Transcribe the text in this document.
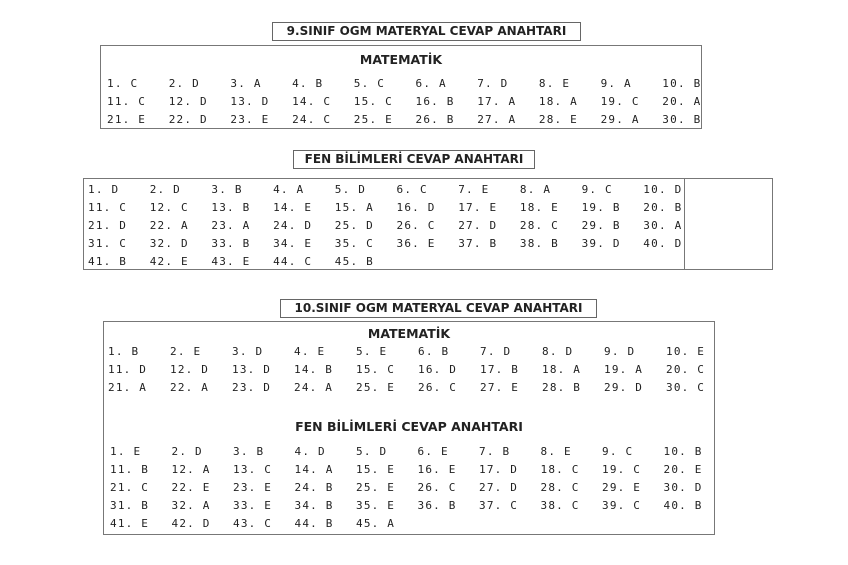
9.SINIF OGM MATERYAL CEVAP ANAHTARI
MATEMATİK
1. C	2. D	3. A	4. B	5. C	6. A	7. D	8. E	9. A	10. B
11. C 12. D 13. D 14. C 15. C 16. B 17. A 18. A 19. C 20. A
21. E 22. D 23. E 24. C 25. E 26. B 27. A 28. E 29. A 30. B
FEN BİLİMLERİ CEVAP ANAHTARI
1. D	2. D	3. B	4. A	5. D	6. C	7. E	8. A	9. C	10. D
11. C 12. C 13. B 14. E 15. A 16. D 17. E 18. E 19. B 20. B
21. D 22. A 23. A 24. D 25. D 26. C 27. D 28. C 29. B 30. A
31. C 32. D 33. B 34. E 35. C 36. E 37. B 38. B 39. D 40. D
41. B 42. E 43. E 44. C 45. B
10.SINIF OGM MATERYAL CEVAP ANAHTARI
MATEMATİK
1. B	2. E	3. D	4. E	5. E	6. B	7. D	8. D	9. D	10. E
11. D 12. D 13. D 14. B 15. C 16. D 17. B 18. A 19. A 20. C
21. A 22. A 23. D 24. A 25. E 26. C 27. E 28. B 29. D 30. C
FEN BİLİMLERİ CEVAP ANAHTARI
1. E	2. D	3. B	4. D	5. D	6. E	7. B	8. E	9. C	10. B
11. B 12. A 13. C 14. A 15. E 16. E 17. D 18. C 19. C 20. E
21. C 22. E 23. E 24. B 25. E 26. C 27. D 28. C 29. E 30. D
31. B 32. A 33. E 34. B 35. E 36. B 37. C 38. C 39. C 40. B
41. E 42. D 43. C 44. B 45. A
